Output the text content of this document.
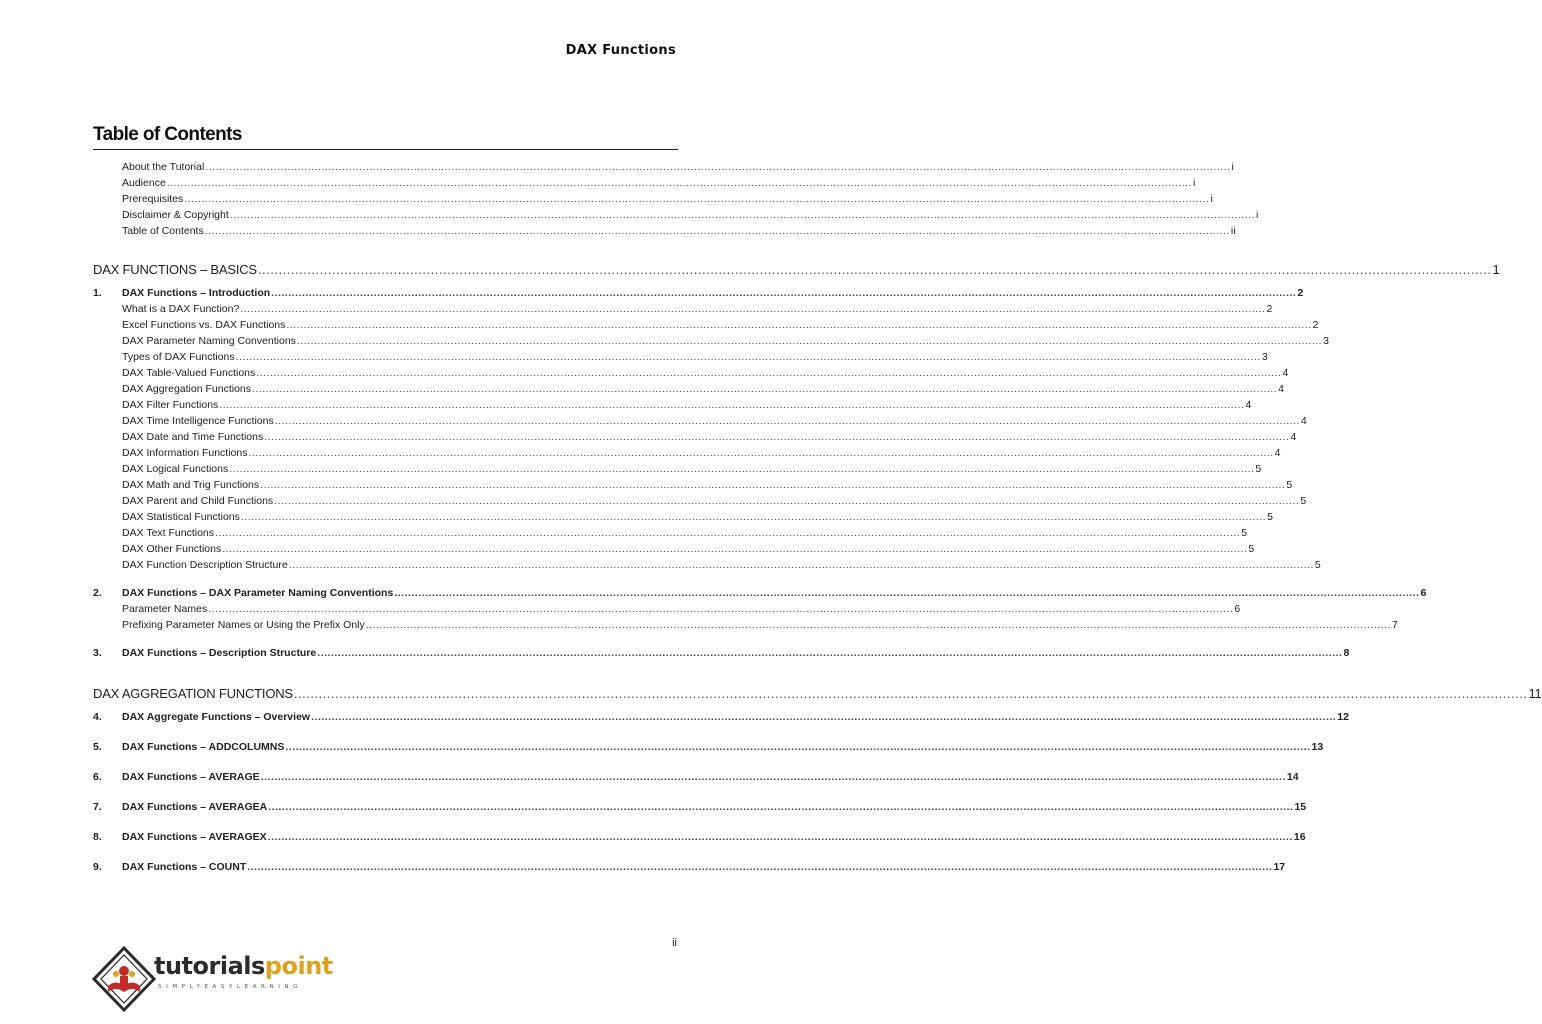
DAX Functions
Table of Contents
About the Tutorial ............................................................................................................................................................................................................................................................................................................ i
Audience ............................................................................................................................................................................................................................................................................................................ i
Prerequisites ............................................................................................................................................................................................................................................................................................................ i
Disclaimer & Copyright ............................................................................................................................................................................................................................................................................................................ i
Table of Contents ............................................................................................................................................................................................................................................................................................................ ii
DAX FUNCTIONS – BASICS ............................................................................................................................................................................................................................................................................................................ 1
1. DAX Functions – Introduction ............................................................................................................................................................................................................................................................................................................ 2
What is a DAX Function? ............................................................................................................................................................................................................................................................................................................ 2
Excel Functions vs. DAX Functions ............................................................................................................................................................................................................................................................................................................ 2
DAX Parameter Naming Conventions ............................................................................................................................................................................................................................................................................................................ 3
Types of DAX Functions ............................................................................................................................................................................................................................................................................................................ 3
DAX Table-Valued Functions ............................................................................................................................................................................................................................................................................................................ 4
DAX Aggregation Functions ............................................................................................................................................................................................................................................................................................................ 4
DAX Filter Functions ............................................................................................................................................................................................................................................................................................................ 4
DAX Time Intelligence Functions ............................................................................................................................................................................................................................................................................................................ 4
DAX Date and Time Functions ............................................................................................................................................................................................................................................................................................................ 4
DAX Information Functions ............................................................................................................................................................................................................................................................................................................ 4
DAX Logical Functions ............................................................................................................................................................................................................................................................................................................ 5
DAX Math and Trig Functions ............................................................................................................................................................................................................................................................................................................ 5
DAX Parent and Child Functions ............................................................................................................................................................................................................................................................................................................ 5
DAX Statistical Functions ............................................................................................................................................................................................................................................................................................................ 5
DAX Text Functions ............................................................................................................................................................................................................................................................................................................ 5
DAX Other Functions ............................................................................................................................................................................................................................................................................................................ 5
DAX Function Description Structure ............................................................................................................................................................................................................................................................................................................ 5
2. DAX Functions – DAX Parameter Naming Conventions ............................................................................................................................................................................................................................................................................................................ 6
Parameter Names ............................................................................................................................................................................................................................................................................................................ 6
Prefixing Parameter Names or Using the Prefix Only ............................................................................................................................................................................................................................................................................................................ 7
3. DAX Functions – Description Structure ............................................................................................................................................................................................................................................................................................................ 8
DAX AGGREGATION FUNCTIONS ............................................................................................................................................................................................................................................................................................................ 11
4. DAX Aggregate Functions – Overview ............................................................................................................................................................................................................................................................................................................ 12
5. DAX Functions – ADDCOLUMNS ............................................................................................................................................................................................................................................................................................................ 13
6. DAX Functions – AVERAGE ............................................................................................................................................................................................................................................................................................................ 14
7. DAX Functions – AVERAGEA ............................................................................................................................................................................................................................................................................................................ 15
8. DAX Functions – AVERAGEX ............................................................................................................................................................................................................................................................................................................ 16
9. DAX Functions – COUNT ............................................................................................................................................................................................................................................................................................................ 17
ii
tutorialspoint
SIMPLYEASYLEARNING
